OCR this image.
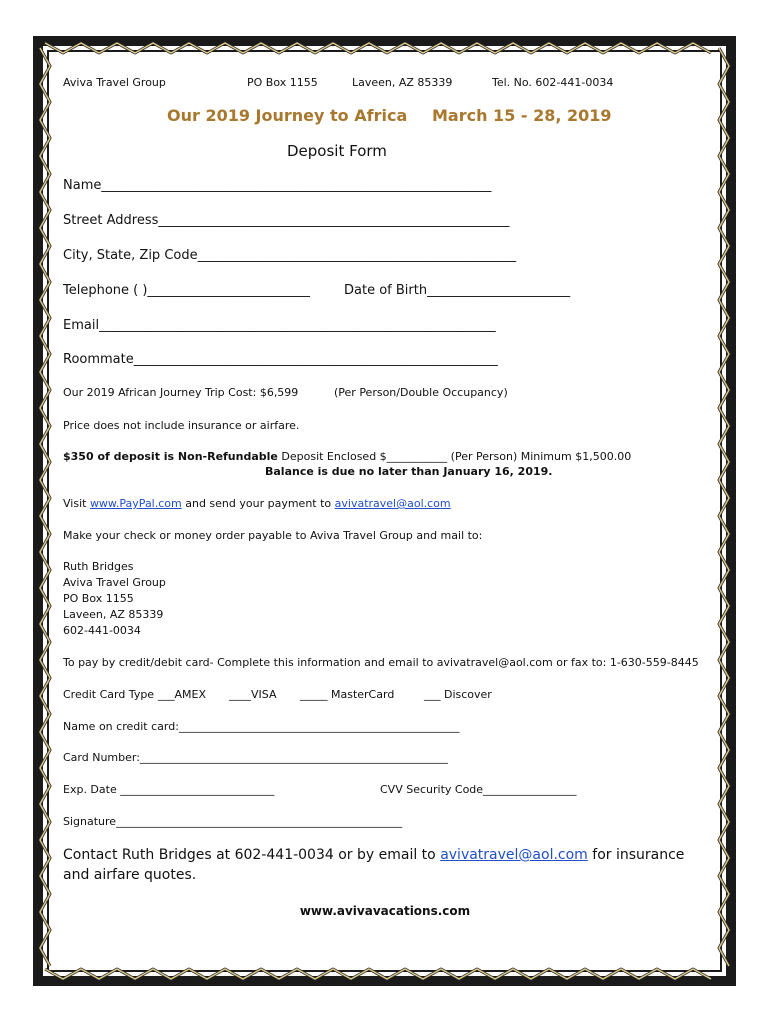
Aviva Travel Group	PO Box 1155	Laveen, AZ 85339	Tel. No. 602-441-0034
Our 2019 Journey to Africa March 15 - 28, 2019
Deposit Form
Name____________________________________________________________
Street Address______________________________________________________
City, State, Zip Code_________________________________________________
Telephone ( )_________________________	Date of Birth______________________
Email_____________________________________________________________
Roommate________________________________________________________
Our 2019 African Journey Trip Cost: $6,599	(Per Person/Double Occupancy)
Price does not include insurance or airfare.
$350 of deposit is Non-Refundable Deposit Enclosed $___________ (Per Person) Minimum $1,500.00
Balance is due no later than January 16, 2019.
Visit www.PayPal.com and send your payment to avivatravel@aol.com
Make your check or money order payable to Aviva Travel Group and mail to:
Ruth Bridges
Aviva Travel Group
PO Box 1155
Laveen, AZ 85339
602-441-0034
To pay by credit/debit card- Complete this information and email to avivatravel@aol.com or fax to: 1-630-559-8445
Credit Card Type ___AMEX ____VISA _____ MasterCard	___ Discover
Name on credit card:___________________________________________________
Card Number:________________________________________________________
Exp. Date ____________________________	CVV Security Code_________________
Signature____________________________________________________
Contact Ruth Bridges at 602-441-0034 or by email to avivatravel@aol.com for insurance and airfare quotes.
www.avivavacations.com
